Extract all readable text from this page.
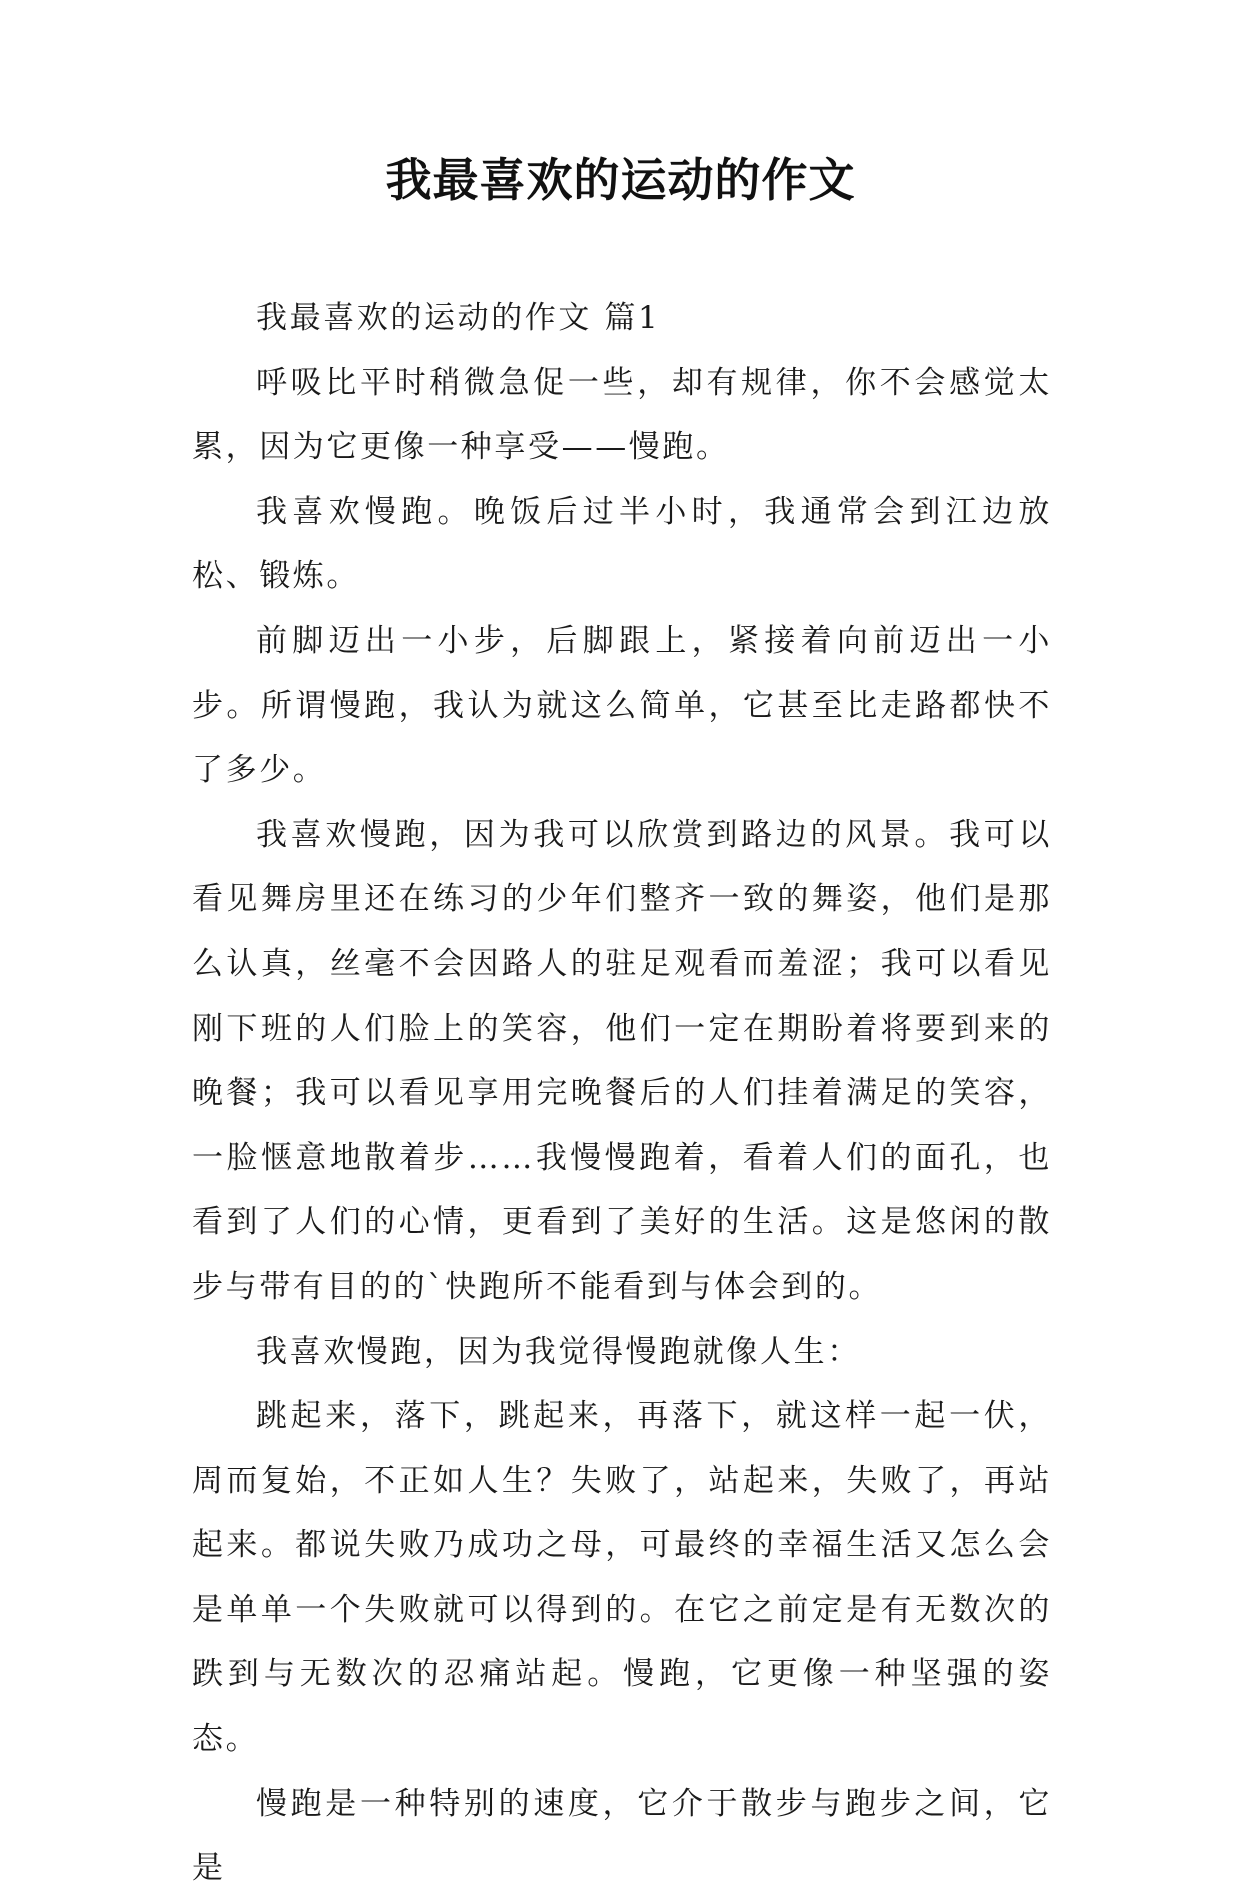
我最喜欢的运动的作文

我最喜欢的运动的作文 篇1

呼吸比平时稍微急促一些，却有规律，你不会感觉太累，因为它更像一种享受——慢跑。

我喜欢慢跑。晚饭后过半小时，我通常会到江边放松、锻炼。

前脚迈出一小步，后脚跟上，紧接着向前迈出一小步。所谓慢跑，我认为就这么简单，它甚至比走路都快不了多少。

我喜欢慢跑，因为我可以欣赏到路边的风景。我可以看见舞房里还在练习的少年们整齐一致的舞姿，他们是那么认真，丝毫不会因路人的驻足观看而羞涩；我可以看见刚下班的人们脸上的笑容，他们一定在期盼着将要到来的晚餐；我可以看见享用完晚餐后的人们挂着满足的笑容，一脸惬意地散着步……我慢慢跑着，看着人们的面孔，也看到了人们的心情，更看到了美好的生活。这是悠闲的散步与带有目的的`快跑所不能看到与体会到的。

我喜欢慢跑，因为我觉得慢跑就像人生：

跳起来，落下，跳起来，再落下，就这样一起一伏，周而复始，不正如人生？失败了，站起来，失败了，再站起来。都说失败乃成功之母，可最终的幸福生活又怎么会是单单一个失败就可以得到的。在它之前定是有无数次的跌到与无数次的忍痛站起。慢跑，它更像一种坚强的姿态。

慢跑是一种特别的速度，它介于散步与跑步之间，它是
